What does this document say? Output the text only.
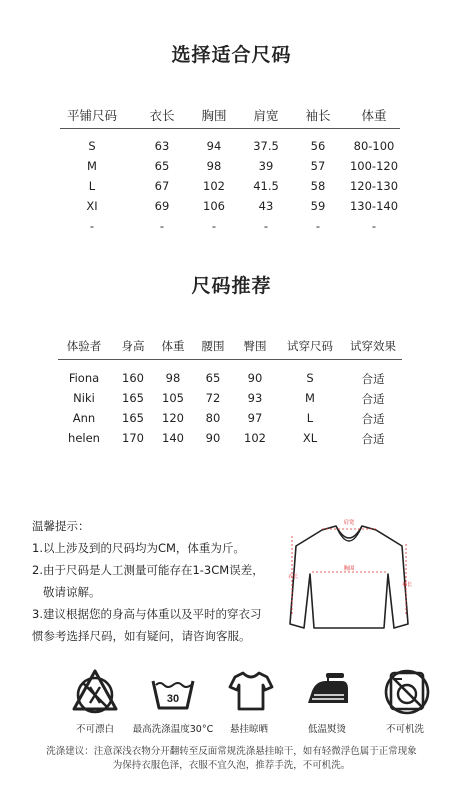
选择适合尺码
平铺尺码	衣长	胸围	肩宽	袖长	体重
S	63	94	37.5	56	80-100
M	65	98	39	57	100-120
L	67	102	41.5	58	120-130
XI	69	106	43	59	130-140
-	-	-	-	-	-
尺码推荐
体验者	身高	体重	腰围	臀围	试穿尺码	试穿效果
Fiona	160	98	65	90	S	合适
Niki	165	105	72	93	M	合适
Ann	165	120	80	97	L	合适
helen	170	140	90	102	XL	合适
温馨提示：
1.以上涉及到的尺码均为CM，体重为斤。
2.由于尺码是人工测量可能存在1-3CM误差，
敬请谅解。
3.建议根据您的身高与体重以及平时的穿衣习
惯参考选择尺码，如有疑问，请咨询客服。
肩宽
胸围
衣长
袖长
30
不可漂白	最高洗涤温度30°C	悬挂晾晒	低温熨烫	不可机洗
洗涤建议：注意深浅衣物分开翻转至反面常规洗涤悬挂晾干，如有轻微浮色属于正常现象
为保持衣服色泽，衣服不宜久泡，推荐手洗，不可机洗。
